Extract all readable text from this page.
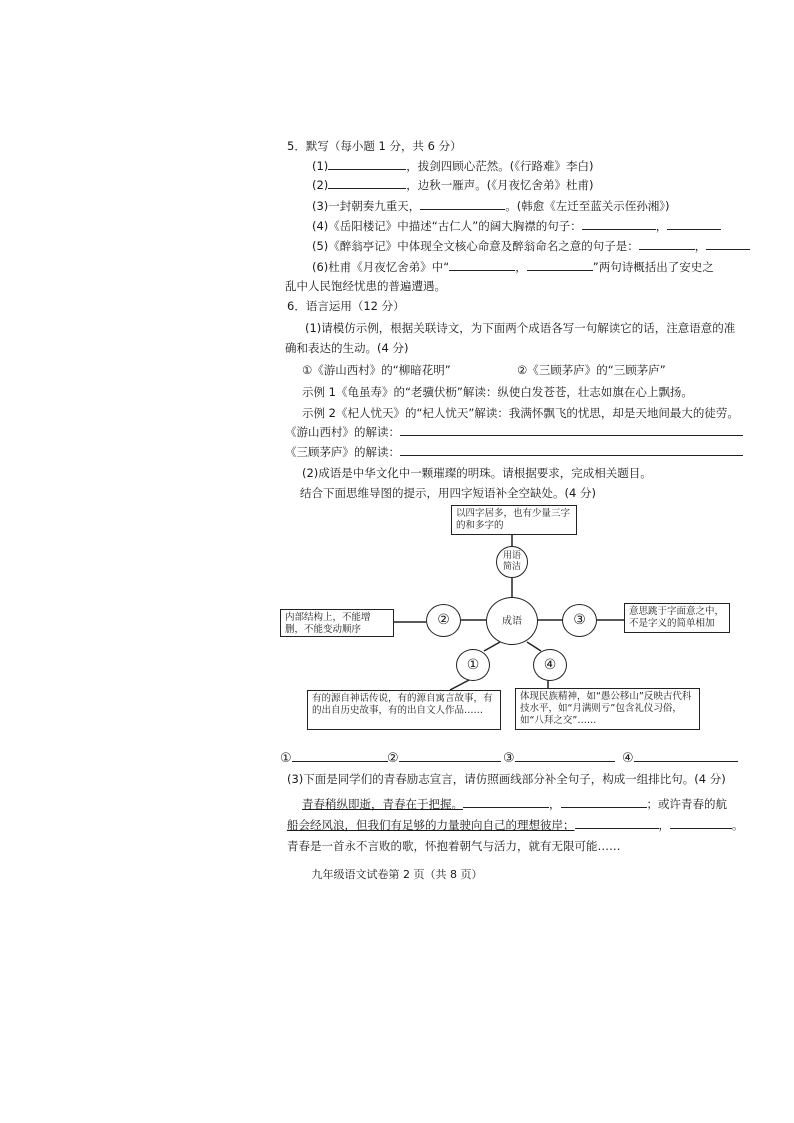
5．默写（每小题 1 分，共 6 分）
(1)	，拔剑四顾心茫然。(《行路难》李白)
(2)	，边秋一雁声。(《月夜忆舍弟》杜甫)
(3)一封朝奏九重天，	。(韩愈《左迁至蓝关示侄孙湘》)
(4)《岳阳楼记》中描述“古仁人”的阔大胸襟的句子：	，
(5)《醉翁亭记》中体现全文核心命意及醉翁命名之意的句子是：	，
(6)杜甫《月夜忆舍弟》中“	，	”两句诗概括出了安史之
乱中人民饱经忧患的普遍遭遇。
6．语言运用（12 分）
(1)请模仿示例，根据关联诗文，为下面两个成语各写一句解读它的话，注意语意的准
确和表达的生动。(4 分)
①《游山西村》的“柳暗花明”	②《三顾茅庐》的“三顾茅庐”
示例 1《龟虽寿》的“老骥伏枥”解读：纵使白发苍苍，壮志如旗在心上飘扬。
示例 2《杞人忧天》的“杞人忧天”解读：我满怀飘飞的忧思，却是天地间最大的徒劳。
《游山西村》的解读：
《三顾茅庐》的解读：
(2)成语是中华文化中一颗璀璨的明珠。请根据要求，完成相关题目。
结合下面思维导图的提示，用四字短语补全空缺处。(4 分)
以四字居多，也有少量三字的和多字的
用语简洁
成语
②	③
①	④
内部结构上，不能增删，不能变动顺序
意思跳于字面意之中，不是字义的简单相加
有的源自神话传说，有的源自寓言故事，有的出自历史故事，有的出自文人作品……
体现民族精神，如“愚公移山”反映古代科技水平，如“月满则亏”包含礼仪习俗，如“八拜之交”……
①	②	③	④
(3)下面是同学们的青春励志宣言，请仿照画线部分补全句子，构成一组排比句。(4 分)
青春稍纵即逝，青春在于把握。	，	；或许青春的航
船会经风浪，但我们有足够的力量驶向自己的理想彼岸；	，	。
青春是一首永不言败的歌，怀抱着朝气与活力，就有无限可能……
九年级语文试卷第 2 页（共 8 页）
